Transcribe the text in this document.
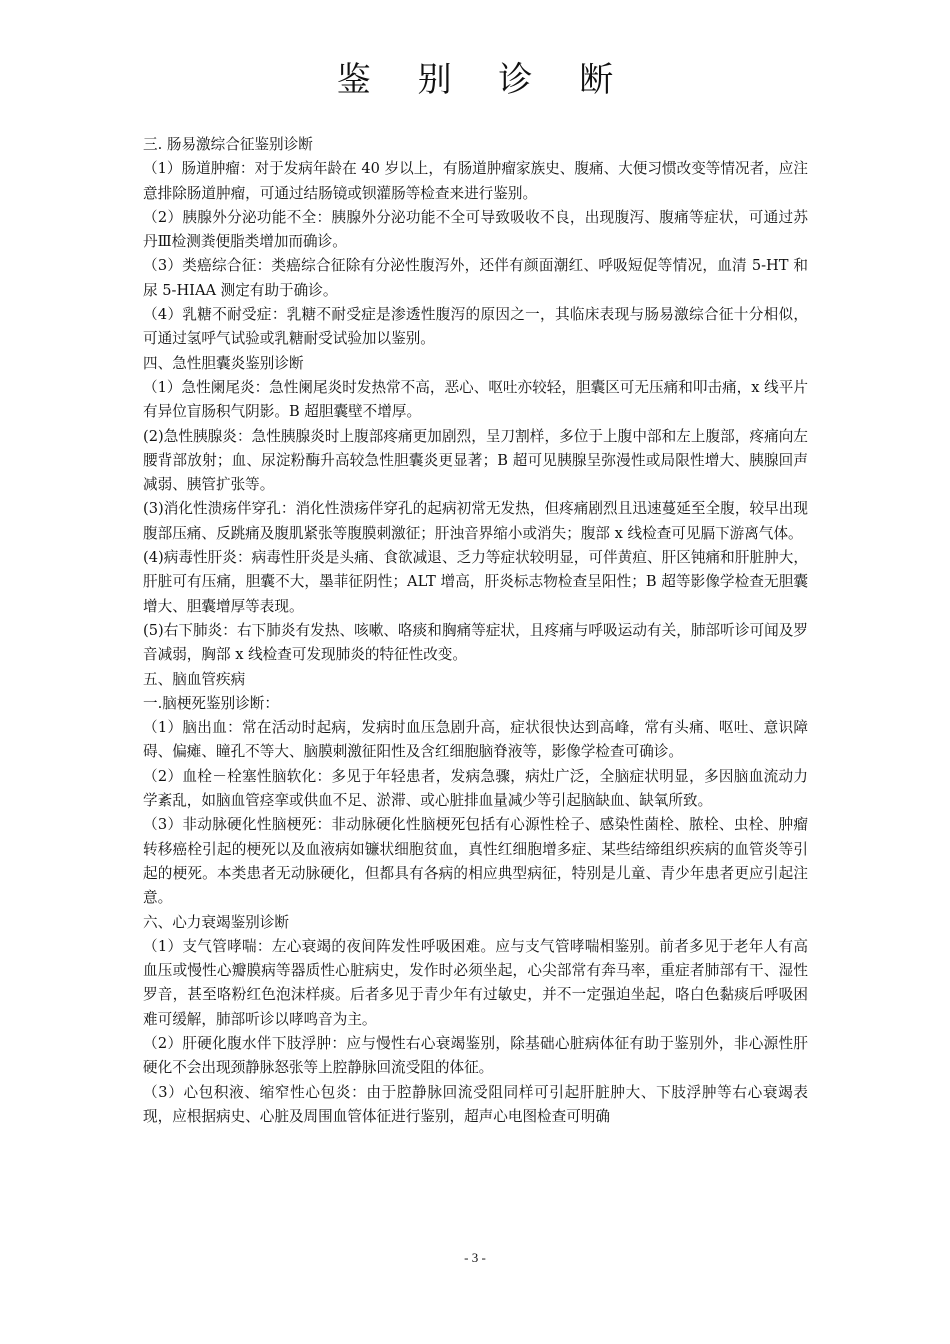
鉴 别 诊 断

三. 肠易激综合征鉴别诊断

（1）肠道肿瘤：对于发病年龄在 40 岁以上，有肠道肿瘤家族史、腹痛、大便习惯改变等情况者，应注意排除肠道肿瘤，可通过结肠镜或钡灌肠等检查来进行鉴别。

（2）胰腺外分泌功能不全：胰腺外分泌功能不全可导致吸收不良，出现腹泻、腹痛等症状，可通过苏丹Ⅲ检测粪便脂类增加而确诊。

（3）类癌综合征：类癌综合征除有分泌性腹泻外，还伴有颜面潮红、呼吸短促等情况，血清 5-HT 和尿 5-HIAA 测定有助于确诊。

（4）乳糖不耐受症：乳糖不耐受症是渗透性腹泻的原因之一，其临床表现与肠易激综合征十分相似，可通过氢呼气试验或乳糖耐受试验加以鉴别。

四、急性胆囊炎鉴别诊断

（1）急性阑尾炎：急性阑尾炎时发热常不高，恶心、呕吐亦较轻，胆囊区可无压痛和叩击痛，x 线平片有异位盲肠积气阴影。B 超胆囊壁不增厚。

(2)急性胰腺炎：急性胰腺炎时上腹部疼痛更加剧烈，呈刀割样，多位于上腹中部和左上腹部，疼痛向左腰背部放射；血、尿淀粉酶升高较急性胆囊炎更显著；B 超可见胰腺呈弥漫性或局限性增大、胰腺回声减弱、胰管扩张等。

(3)消化性溃疡伴穿孔：消化性溃疡伴穿孔的起病初常无发热，但疼痛剧烈且迅速蔓延至全腹，较早出现腹部压痛、反跳痛及腹肌紧张等腹膜刺激征；肝浊音界缩小或消失；腹部 x 线检查可见膈下游离气体。

(4)病毒性肝炎：病毒性肝炎是头痛、食欲减退、乏力等症状较明显，可伴黄疸、肝区钝痛和肝脏肿大，肝脏可有压痛，胆囊不大，墨菲征阴性；ALT 增高，肝炎标志物检查呈阳性；B 超等影像学检查无胆囊增大、胆囊增厚等表现。

(5)右下肺炎：右下肺炎有发热、咳嗽、咯痰和胸痛等症状，且疼痛与呼吸运动有关，肺部听诊可闻及罗音减弱，胸部 x 线检查可发现肺炎的特征性改变。

五、脑血管疾病

一.脑梗死鉴别诊断：

（1）脑出血：常在活动时起病，发病时血压急剧升高，症状很快达到高峰，常有头痛、呕吐、意识障碍、偏瘫、瞳孔不等大、脑膜刺激征阳性及含红细胞脑脊液等，影像学检查可确诊。

（2）血栓－栓塞性脑软化：多见于年轻患者，发病急骤，病灶广泛，全脑症状明显，多因脑血流动力学紊乱，如脑血管痉挛或供血不足、淤滞、或心脏排血量减少等引起脑缺血、缺氧所致。

（3）非动脉硬化性脑梗死：非动脉硬化性脑梗死包括有心源性栓子、感染性菌栓、脓栓、虫栓、肿瘤转移癌栓引起的梗死以及血液病如镰状细胞贫血，真性红细胞增多症、某些结缔组织疾病的血管炎等引起的梗死。本类患者无动脉硬化，但都具有各病的相应典型病征，特别是儿童、青少年患者更应引起注意。

六、心力衰竭鉴别诊断

（1）支气管哮喘：左心衰竭的夜间阵发性呼吸困难。应与支气管哮喘相鉴别。前者多见于老年人有高血压或慢性心瓣膜病等器质性心脏病史，发作时必须坐起，心尖部常有奔马率，重症者肺部有干、湿性罗音，甚至咯粉红色泡沫样痰。后者多见于青少年有过敏史，并不一定强迫坐起，咯白色黏痰后呼吸困难可缓解，肺部听诊以哮鸣音为主。

（2）肝硬化腹水伴下肢浮肿：应与慢性右心衰竭鉴别，除基础心脏病体征有助于鉴别外，非心源性肝硬化不会出现颈静脉怒张等上腔静脉回流受阻的体征。

（3）心包积液、缩窄性心包炎：由于腔静脉回流受阻同样可引起肝脏肿大、下肢浮肿等右心衰竭表现，应根据病史、心脏及周围血管体征进行鉴别，超声心电图检查可明确

- 3 -
